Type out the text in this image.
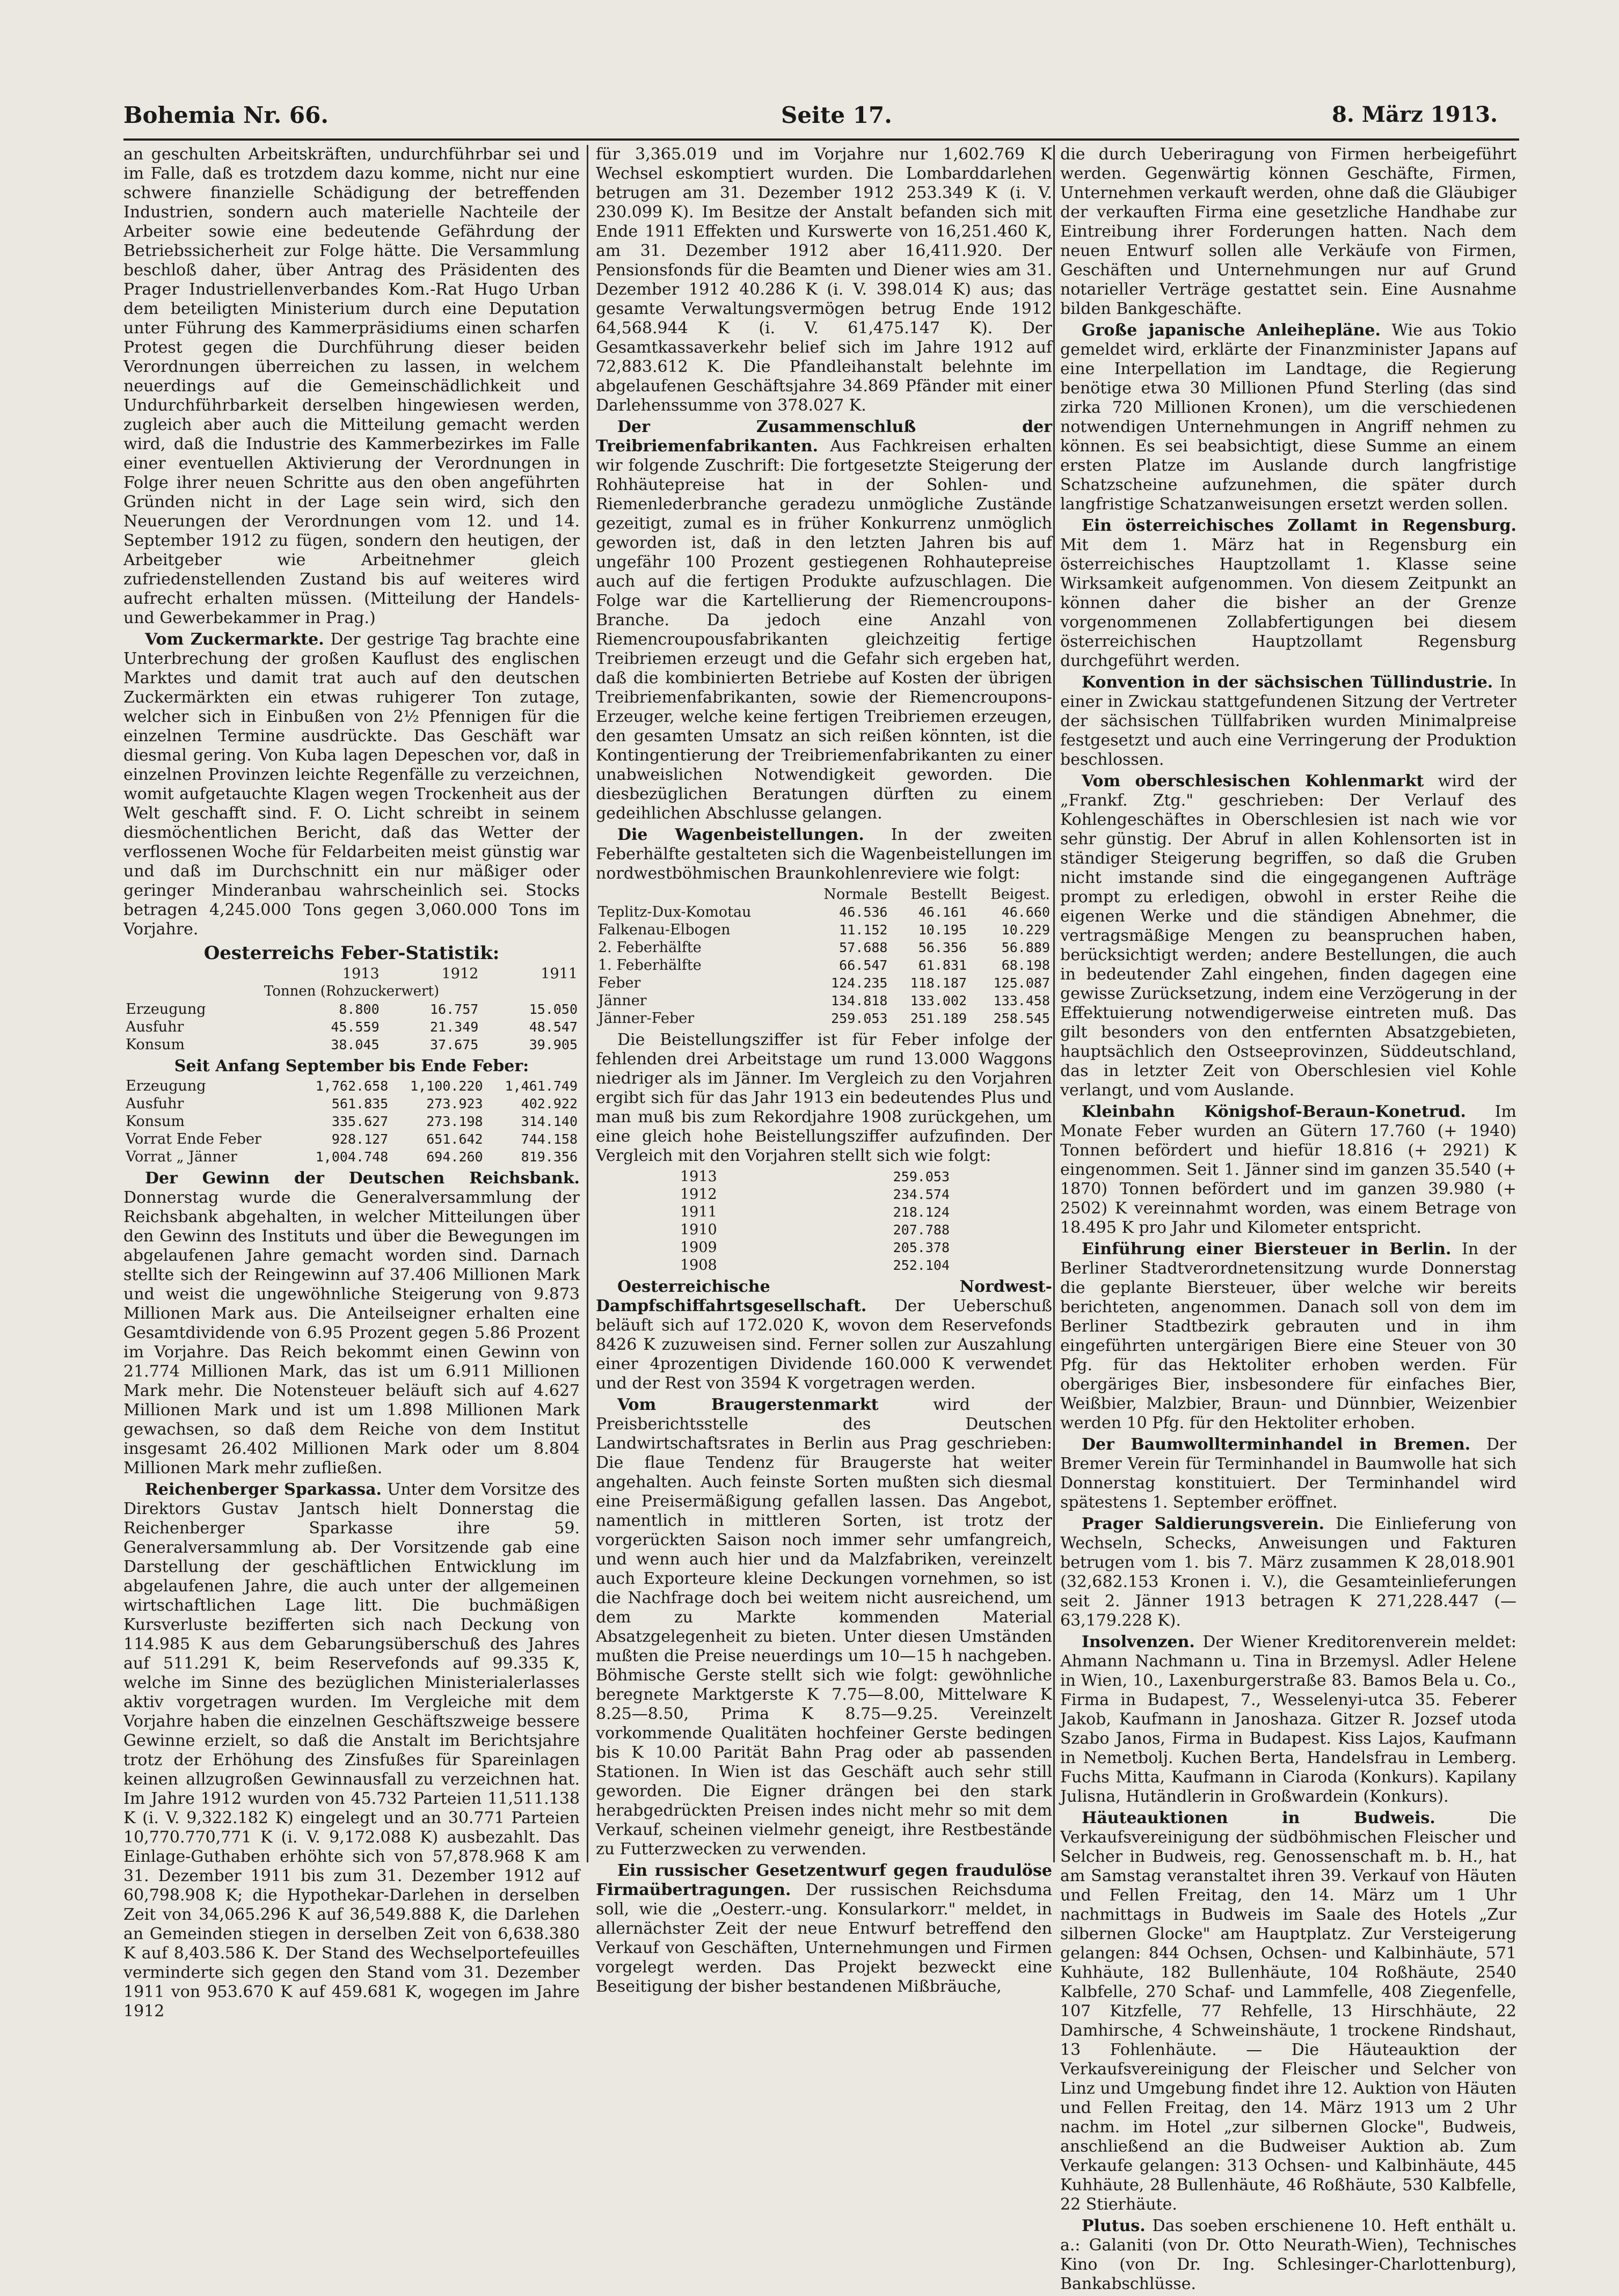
Bohemia Nr. 66.	Seite 17.	8. März 1913.

an geschulten Arbeitskräften, undurchführbar sei und im Falle, daß es trotzdem dazu komme, nicht nur eine schwere finanzielle Schädigung der betreffenden Industrien, sondern auch materielle Nachteile der Arbeiter sowie eine bedeutende Gefährdung der Betriebssicherheit zur Folge hätte. Die Versammlung beschloß daher, über Antrag des Präsidenten des Prager Industriellenverbandes Kom.-Rat Hugo Urban dem beteiligten Ministerium durch eine Deputation unter Führung des Kammerpräsidiums einen scharfen Protest gegen die Durchführung dieser beiden Verordnungen überreichen zu lassen, in welchem neuerdings auf die Gemeinschädlichkeit und Undurchführbarkeit derselben hingewiesen werden, zugleich aber auch die Mitteilung gemacht werden wird, daß die Industrie des Kammerbezirkes im Falle einer eventuellen Aktivierung der Verordnungen in Folge ihrer neuen Schritte aus den oben angeführten Gründen nicht in der Lage sein wird, sich den Neuerungen der Verordnungen vom 12. und 14. September 1912 zu fügen, sondern den heutigen, der Arbeitgeber wie Arbeitnehmer gleich zufriedenstellenden Zustand bis auf weiteres wird aufrecht erhalten müssen. (Mitteilung der Handels- und Gewerbekammer in Prag.)

Vom Zuckermarkte. Der gestrige Tag brachte eine Unterbrechung der großen Kauflust des englischen Marktes und damit trat auch auf den deutschen Zuckermärkten ein etwas ruhigerer Ton zutage, welcher sich in Einbußen von 2½ Pfennigen für die einzelnen Termine ausdrückte. Das Geschäft war diesmal gering. Von Kuba lagen Depeschen vor, daß in einzelnen Provinzen leichte Regenfälle zu verzeichnen, womit aufgetauchte Klagen wegen Trockenheit aus der Welt geschafft sind. F. O. Licht schreibt in seinem diesmöchentlichen Bericht, daß das Wetter der verflossenen Woche für Feldarbeiten meist günstig war und daß im Durchschnitt ein nur mäßiger oder geringer Minderanbau wahrscheinlich sei. Stocks betragen 4,245.000 Tons gegen 3,060.000 Tons im Vorjahre.

Oesterreichs Feber-Statistik:
	1913	1912	1911
Tonnen (Rohzuckerwert)			
Erzeugung	8.800	16.757	15.050
Ausfuhr	45.559	21.349	48.547
Konsum	38.045	37.675	39.905
Seit Anfang September bis Ende Feber:
Erzeugung	1,762.658	1,100.220	1,461.749
Ausfuhr	561.835	273.923	402.922
Konsum	335.627	273.198	314.140
Vorrat Ende Feber	928.127	651.642	744.158
Vorrat „ Jänner	1,004.748	694.260	819.356

Der Gewinn der Deutschen Reichsbank. Donnerstag wurde die Generalversammlung der Reichsbank abgehalten, in welcher Mitteilungen über den Gewinn des Instituts und über die Bewegungen im abgelaufenen Jahre gemacht worden sind. Darnach stellte sich der Reingewinn auf 37.406 Millionen Mark und weist die ungewöhnliche Steigerung von 9.873 Millionen Mark aus. Die Anteilseigner erhalten eine Gesamtdividende von 6.95 Prozent gegen 5.86 Prozent im Vorjahre. Das Reich bekommt einen Gewinn von 21.774 Millionen Mark, das ist um 6.911 Millionen Mark mehr. Die Notensteuer beläuft sich auf 4.627 Millionen Mark und ist um 1.898 Millionen Mark gewachsen, so daß dem Reiche von dem Institut insgesamt 26.402 Millionen Mark oder um 8.804 Millionen Mark mehr zufließen.

Reichenberger Sparkassa. Unter dem Vorsitze des Direktors Gustav Jantsch hielt Donnerstag die Reichenberger Sparkasse ihre 59. Generalversammlung ab. Der Vorsitzende gab eine Darstellung der geschäftlichen Entwicklung im abgelaufenen Jahre, die auch unter der allgemeinen wirtschaftlichen Lage litt. Die buchmäßigen Kursverluste bezifferten sich nach Deckung von 114.985 K aus dem Gebarungsüberschuß des Jahres auf 511.291 K, beim Reservefonds auf 99.335 K, welche im Sinne des bezüglichen Ministerialerlasses aktiv vorgetragen wurden. Im Vergleiche mit dem Vorjahre haben die einzelnen Geschäftszweige bessere Gewinne erzielt, so daß die Anstalt im Berichtsjahre trotz der Erhöhung des Zinsfußes für Spareinlagen keinen allzugroßen Gewinnausfall zu verzeichnen hat. Im Jahre 1912 wurden von 45.732 Parteien 11,511.138 K (i. V. 9,322.182 K) eingelegt und an 30.771 Parteien 10,770.770,771 K (i. V. 9,172.088 K) ausbezahlt. Das Einlage-Guthaben erhöhte sich von 57,878.968 K am 31. Dezember 1911 bis zum 31. Dezember 1912 auf 60,798.908 K; die Hypothekar-Darlehen in derselben Zeit von 34,065.296 K auf 36,549.888 K, die Darlehen an Gemeinden stiegen in derselben Zeit von 6,638.380 K auf 8,403.586 K. Der Stand des Wechselportefeuilles verminderte sich gegen den Stand vom 31. Dezember 1911 von 953.670 K auf 459.681 K, wogegen im Jahre 1912

für 3,365.019 und im Vorjahre nur 1,602.769 K Wechsel eskomptiert wurden. Die Lombarddarlehen betrugen am 31. Dezember 1912 253.349 K (i. V. 230.099 K). Im Besitze der Anstalt befanden sich mit Ende 1911 Effekten und Kurswerte von 16,251.460 K, am 31. Dezember 1912 aber 16,411.920. Der Pensionsfonds für die Beamten und Diener wies am 31. Dezember 1912 40.286 K (i. V. 398.014 K) aus; das gesamte Verwaltungsvermögen betrug Ende 1912 64,568.944 K (i. V. 61,475.147 K). Der Gesamtkassaverkehr belief sich im Jahre 1912 auf 72,883.612 K. Die Pfandleihanstalt belehnte im abgelaufenen Geschäftsjahre 34.869 Pfänder mit einer Darlehenssumme von 378.027 K.

Der Zusammenschluß der Treibriemenfabrikanten. Aus Fachkreisen erhalten wir folgende Zuschrift: Die fortgesetzte Steigerung der Rohhäutepreise hat in der Sohlen- und Riemenlederbranche geradezu unmögliche Zustände gezeitigt, zumal es in früher Konkurrenz unmöglich geworden ist, daß in den letzten Jahren bis auf ungefähr 100 Prozent gestiegenen Rohhautepreise auch auf die fertigen Produkte aufzuschlagen. Die Folge war die Kartellierung der Riemencroupons-Branche. Da jedoch eine Anzahl von Riemencroupousfabrikanten gleichzeitig fertige Treibriemen erzeugt und die Gefahr sich ergeben hat, daß die kombinierten Betriebe auf Kosten der übrigen Treibriemenfabrikanten, sowie der Riemencroupons-Erzeuger, welche keine fertigen Treibriemen erzeugen, den gesamten Umsatz an sich reißen könnten, ist die Kontingentierung der Treibriemenfabrikanten zu einer unabweislichen Notwendigkeit geworden. Die diesbezüglichen Beratungen dürften zu einem gedeihlichen Abschlusse gelangen.

Die Wagenbeistellungen. In der zweiten Feberhälfte gestalteten sich die Wagenbeistellungen im nordwestböhmischen Braunkohlenreviere wie folgt:

	Normale	Bestellt	Beigest.
Teplitz-Dux-Komotau	46.536	46.161	46.660
Falkenau-Elbogen	11.152	10.195	10.229
2. Feberhälfte	57.688	56.356	56.889
1. Feberhälfte	66.547	61.831	68.198
Feber	124.235	118.187	125.087
Jänner	134.818	133.002	133.458
Jänner-Feber	259.053	251.189	258.545

Die Beistellungsziffer ist für Feber infolge der fehlenden drei Arbeitstage um rund 13.000 Waggons niedriger als im Jänner. Im Vergleich zu den Vorjahren ergibt sich für das Jahr 1913 ein bedeutendes Plus und man muß bis zum Rekordjahre 1908 zurückgehen, um eine gleich hohe Beistellungsziffer aufzufinden. Der Vergleich mit den Vorjahren stellt sich wie folgt:

1913	259.053
1912	234.574
1911	218.124
1910	207.788
1909	205.378
1908	252.104

Oesterreichische Nordwest-Dampfschiffahrtsgesellschaft. Der Ueberschuß beläuft sich auf 172.020 K, wovon dem Reservefonds 8426 K zuzuweisen sind. Ferner sollen zur Auszahlung einer 4prozentigen Dividende 160.000 K verwendet und der Rest von 3594 K vorgetragen werden.

Vom Braugerstenmarkt	wird der Preisberichtsstelle des Deutschen Landwirtschaftsrates in Berlin aus Prag geschrieben: Die flaue Tendenz für Braugerste hat weiter angehalten. Auch feinste Sorten mußten sich diesmal eine Preisermäßigung gefallen lassen. Das Angebot, namentlich in mittleren Sorten, ist trotz der vorgerückten Saison noch immer sehr umfangreich, und wenn auch hier und da Malzfabriken, vereinzelt auch Exporteure kleine Deckungen vornehmen, so ist die Nachfrage doch bei weitem nicht ausreichend, um dem zu Markte kommenden Material Absatzgelegenheit zu bieten. Unter diesen Umständen mußten die Preise neuerdings um 10—15 h nachgeben. Böhmische Gerste stellt sich wie folgt: gewöhnliche beregnete Marktgerste K 7.75—8.00, Mittelware K 8.25—8.50, Prima K 8.75—9.25. Vereinzelt vorkommende Qualitäten hochfeiner Gerste bedingen bis K 10.00 Parität Bahn Prag oder ab passenden Stationen. In Wien ist das Geschäft auch sehr still geworden. Die Eigner drängen bei den stark herabgedrückten Preisen indes nicht mehr so mit dem Verkauf, scheinen vielmehr geneigt, ihre Restbestände zu Futterzwecken zu verwenden.

Ein russischer Gesetzentwurf gegen fraudulöse Firmaübertragungen. Der russischen Reichsduma soll, wie die „Oesterr.-ung. Konsularkorr." meldet, in allernächster Zeit der neue Entwurf betreffend den Verkauf von Geschäften, Unternehmungen und Firmen vorgelegt werden. Das Projekt bezweckt eine Beseitigung der bisher bestandenen Mißbräuche,

die durch Ueberiragung von Firmen herbeigeführt werden. Gegenwärtig können Geschäfte, Firmen, Unternehmen verkauft werden, ohne daß die Gläubiger der verkauften Firma eine gesetzliche Handhabe zur Eintreibung ihrer Forderungen hatten. Nach dem neuen Entwurf sollen alle Verkäufe von Firmen, Geschäften und Unternehmungen nur auf Grund notarieller Verträge gestattet sein. Eine Ausnahme bilden Bankgeschäfte.

Große japanische Anleihepläne. Wie aus Tokio gemeldet wird, erklärte der Finanzminister Japans auf eine Interpellation im Landtage, die Regierung benötige etwa 30 Millionen Pfund Sterling (das sind zirka 720 Millionen Kronen), um die verschiedenen notwendigen Unternehmungen in Angriff nehmen zu können. Es sei beabsichtigt, diese Summe an einem ersten Platze im Auslande durch langfristige Schatzscheine aufzunehmen, die später durch langfristige Schatzanweisungen ersetzt werden sollen.

Ein österreichisches Zollamt in Regensburg. Mit dem 1. März hat in Regensburg ein österreichisches Hauptzollamt 1. Klasse seine Wirksamkeit aufgenommen. Von diesem Zeitpunkt an können daher die bisher an der Grenze vorgenommenen Zollabfertigungen bei diesem österreichischen Hauptzollamt Regensburg durchgeführt werden.

Konvention in der sächsischen Tüllindustrie. In einer in Zwickau stattgefundenen Sitzung der Vertreter der sächsischen Tüllfabriken wurden Minimalpreise festgesetzt und auch eine Verringerung der Produktion beschlossen.

Vom oberschlesischen Kohlenmarkt wird der „Frankf. Ztg." geschrieben: Der Verlauf des Kohlengeschäftes in Oberschlesien ist nach wie vor sehr günstig. Der Abruf in allen Kohlensorten ist in ständiger Steigerung begriffen, so daß die Gruben nicht imstande sind die eingegangenen Aufträge prompt zu erledigen, obwohl in erster Reihe die eigenen Werke und die ständigen Abnehmer, die vertragsmäßige Mengen zu beanspruchen haben, berücksichtigt werden; andere Bestellungen, die auch in bedeutender Zahl eingehen, finden dagegen eine gewisse Zurücksetzung, indem eine Verzögerung in der Effektuierung notwendigerweise eintreten muß. Das gilt besonders von den entfernten Absatzgebieten, hauptsächlich den Ostseeprovinzen, Süddeutschland, das in letzter Zeit von Oberschlesien viel Kohle verlangt, und vom Auslande.

Kleinbahn Königshof-Beraun-Konetrud. Im Monate Feber wurden an Gütern 17.760 (+ 1940) Tonnen befördert und hiefür 18.816 (+ 2921) K eingenommen. Seit 1. Jänner sind im ganzen 35.540 (+ 1870) Tonnen befördert und im ganzen 39.980 (+ 2502) K vereinnahmt worden, was einem Betrage von 18.495 K pro Jahr und Kilometer entspricht.

Einführung einer Biersteuer in Berlin. In der Berliner Stadtverordnetensitzung wurde Donnerstag die geplante Biersteuer, über welche wir bereits berichteten, angenommen. Danach soll von dem im Berliner Stadtbezirk gebrauten und in ihm eingeführten untergärigen Biere eine Steuer von 30 Pfg. für das Hektoliter erhoben werden. Für obergäriges Bier, insbesondere für einfaches Bier, Weißbier, Malzbier, Braun- und Dünnbier, Weizenbier werden 10 Pfg. für den Hektoliter erhoben.

Der Baumwollterminhandel in Bremen. Der Bremer Verein für Terminhandel in Baumwolle hat sich Donnerstag konstituiert. Der Terminhandel wird spätestens 1. September eröffnet.

Prager Saldierungsverein. Die Einlieferung von Wechseln, Schecks, Anweisungen und Fakturen betrugen vom 1. bis 7. März zusammen K 28,018.901 (32,682.153 Kronen i. V.), die Gesamteinlieferungen seit 2. Jänner 1913 betragen K 271,228.447 (— 63,179.228 K).

Insolvenzen. Der Wiener Kreditorenverein meldet: Ahmann Nachmann u. Tina in Brzemysl. Adler Helene in Wien, 10., Laxenburgerstraße 83. Bamos Bela u. Co., Firma in Budapest, 7., Wesselenyi-utca 35. Feberer Jakob, Kaufmann in Janoshaza. Gitzer R. Jozsef utoda Szabo Janos, Firma in Budapest. Kiss Lajos, Kaufmann in Nemetbolj. Kuchen Berta, Handelsfrau in Lemberg. Fuchs Mitta, Kaufmann in Ciaroda (Konkurs). Kapilany Julisna, Hutändlerin in Großwardein (Konkurs).

Häuteauktionen in Budweis.	Die Verkaufsvereinigung der südböhmischen Fleischer und Selcher in Budweis, reg. Genossenschaft m. b. H., hat am Samstag veranstaltet ihren 39. Verkauf von Häuten und Fellen Freitag, den 14. März um 1 Uhr nachmittags in Budweis im Saale des Hotels „Zur silbernen Glocke" am Hauptplatz. Zur Versteigerung gelangen: 844 Ochsen, Ochsen- und Kalbinhäute, 571 Kuhhäute, 182 Bullenhäute, 104 Roßhäute, 2540 Kalbfelle, 270 Schaf- und Lammfelle, 408 Ziegenfelle, 107 Kitzfelle, 77 Rehfelle, 13 Hirschhäute, 22 Damhirsche, 4 Schweinshäute, 1 trockene Rindshaut, 13 Fohlenhäute. — Die Häuteauktion der Verkaufsvereinigung der Fleischer und Selcher von Linz und Umgebung findet ihre 12. Auktion von Häuten und Fellen Freitag, den 14. März 1913 um 2 Uhr nachm. im Hotel „zur silbernen Glocke", Budweis, anschließend an die Budweiser Auktion ab. Zum Verkaufe gelangen: 313 Ochsen- und Kalbinhäute, 445 Kuhhäute, 28 Bullenhäute, 46 Roßhäute, 530 Kalbfelle, 22 Stierhäute.

Plutus. Das soeben erschienene 10. Heft enthält u. a.: Galaniti (von Dr. Otto Neurath-Wien), Technisches Kino (von Dr. Ing. Schlesinger-Charlottenburg), Bankabschlüsse.
